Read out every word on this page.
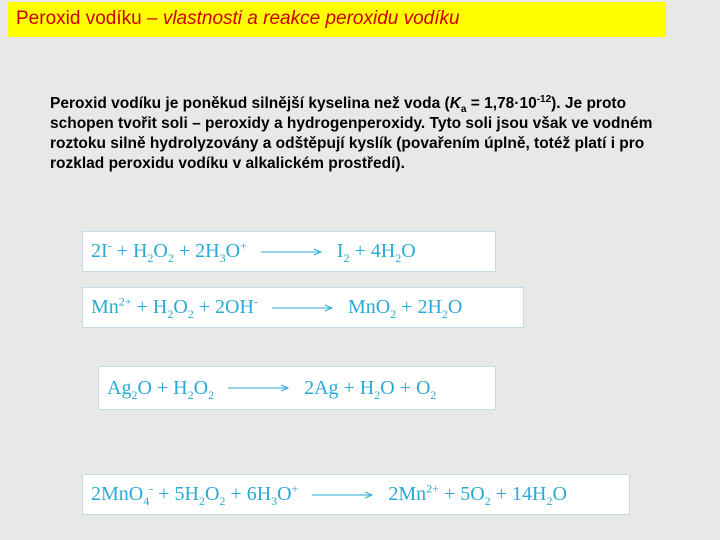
Peroxid vodíku – vlastnosti a reakce peroxidu vodíku
Peroxid vodíku je poněkud silnější kyselina než voda $(K_a = 1,78\cdot 10^{-12})$. Je proto schopen tvořit soli – peroxidy a hydrogenperoxidy. Tyto soli jsou však ve vodném roztoku silně hydrolyzovány a odštěpují kyslík (povařením úplně, totéž platí i pro rozklad peroxidu vodíku v alkalickém prostředí).
$2I^- + H_2O_2 + 2H_3O^+ \to I_2 + 4H_2O$
$Mn^{2+} + H_2O_2 + 2OH^- \to MnO_2 + 2H_2O$
$Ag_2O + H_2O_2 \to 2Ag + H_2O + O_2$
$2MnO_4^- + 5H_2O_2 + 6H_3O^+ \to 2Mn^{2+} + 5O_2 + 14H_2O$
